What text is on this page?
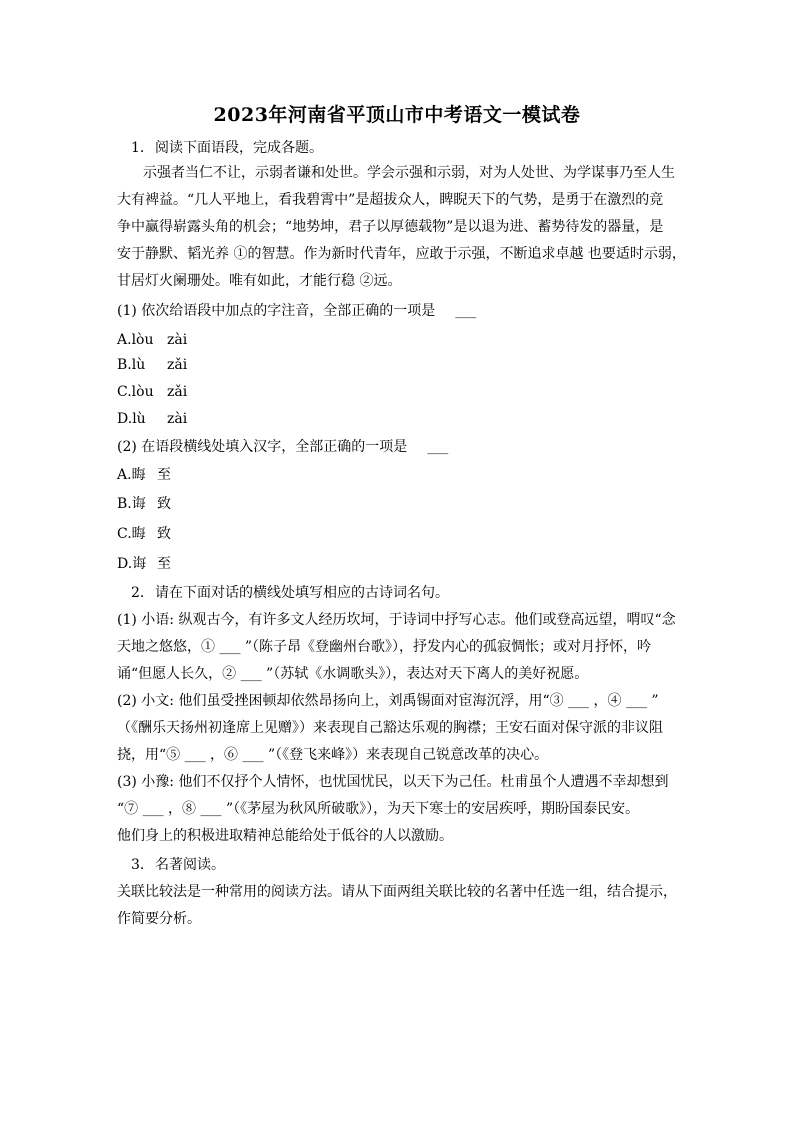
2023年河南省平顶山市中考语文一模试卷
1. 阅读下面语段，完成各题。
示强者当仁不让，示弱者谦和处世。学会示强和示弱，对为人处世、为学谋事乃至人生
大有裨益。“几人平地上，看我碧霄中”是超拔众人，睥睨天下的气势，是勇于在激烈的竞
争中赢得崭露头角的机会；“地势坤，君子以厚德载物”是以退为进、蓄势待发的器量，是
安于静默、韬光养 ①的智慧。作为新时代青年，应敢于示强，不断追求卓越 也要适时示弱，
甘居灯火阑珊处。唯有如此，才能行稳 ②远。
(1) 依次给语段中加点的字注音，全部正确的一项是 ___
A.lòu zài
B.lù zǎi
C.lòu zǎi
D.lù zài
(2) 在语段横线处填入汉字，全部正确的一项是 ___
A.晦 至
B.诲 致
C.晦 致
D.诲 至
2. 请在下面对话的横线处填写相应的古诗词名句。
(1) 小语: 纵观古今，有许多文人经历坎坷，于诗词中抒写心志。他们或登高远望，喟叹“念
天地之悠悠，① ___ ”（陈子昂《登幽州台歌》），抒发内心的孤寂惆怅；或对月抒怀，吟
诵“但愿人长久，② ___ ”（苏轼《水调歌头》），表达对天下离人的美好祝愿。
(2) 小文: 他们虽受挫困顿却依然昂扬向上，刘禹锡面对宦海沉浮，用“③ ___ ，④ ___ ”
（《酬乐天扬州初逢席上见赠》）来表现自己豁达乐观的胸襟；王安石面对保守派的非议阻
挠，用“⑤ ___ ，⑥ ___ ”（《登飞来峰》）来表现自己锐意改革的决心。
(3) 小豫: 他们不仅抒个人情怀，也忧国忧民，以天下为己任。杜甫虽个人遭遇不幸却想到
“⑦ ___ ，⑧ ___ ”（《茅屋为秋风所破歌》），为天下寒士的安居疾呼，期盼国泰民安。
他们身上的积极进取精神总能给处于低谷的人以激励。
3. 名著阅读。
关联比较法是一种常用的阅读方法。请从下面两组关联比较的名著中任选一组，结合提示，
作简要分析。
